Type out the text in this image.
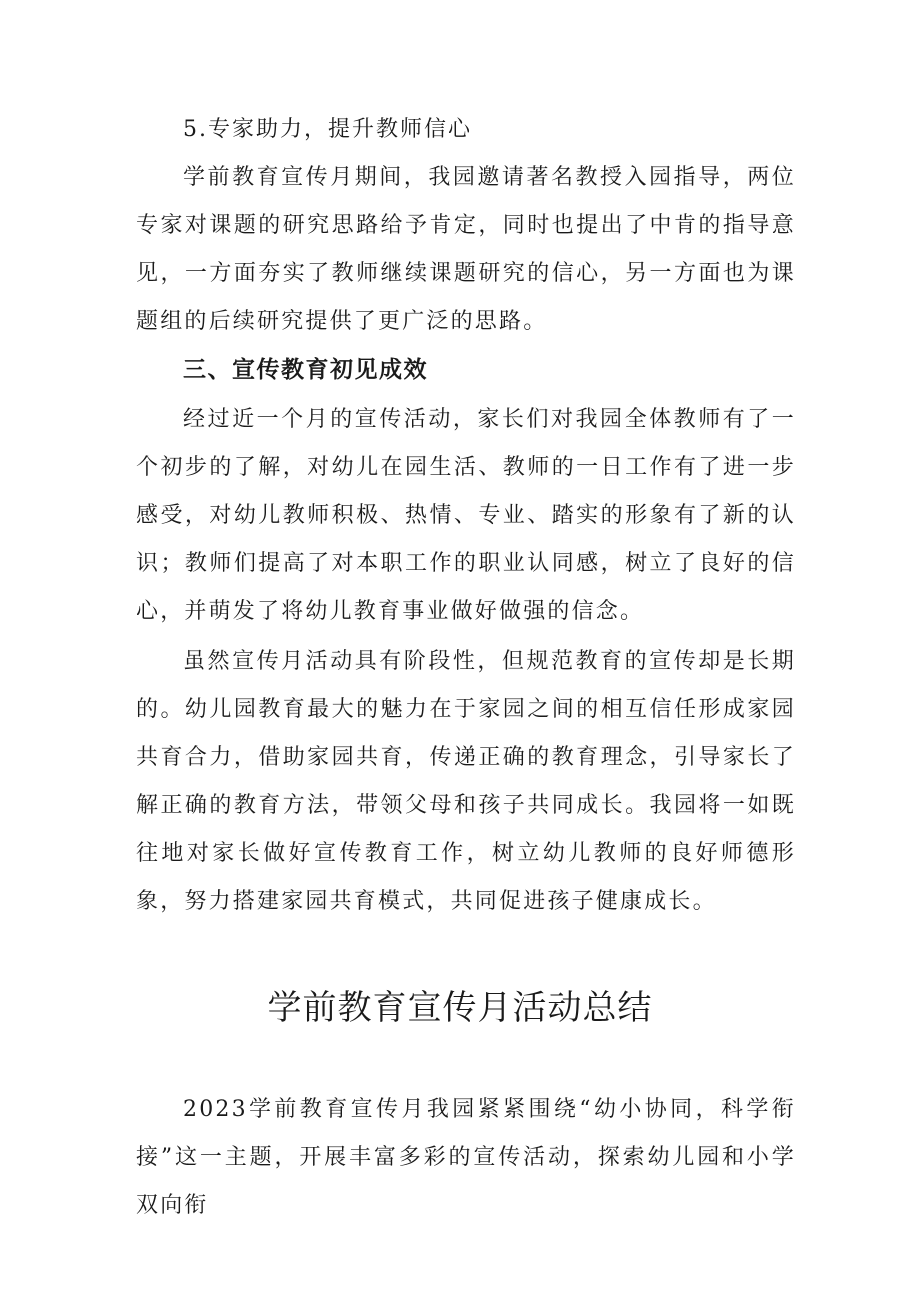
5.专家助力，提升教师信心

学前教育宣传月期间，我园邀请著名教授入园指导，两位专家对课题的研究思路给予肯定，同时也提出了中肯的指导意见，一方面夯实了教师继续课题研究的信心，另一方面也为课题组的后续研究提供了更广泛的思路。

三、宣传教育初见成效

经过近一个月的宣传活动，家长们对我园全体教师有了一个初步的了解，对幼儿在园生活、教师的一日工作有了进一步感受，对幼儿教师积极、热情、专业、踏实的形象有了新的认识；教师们提高了对本职工作的职业认同感，树立了良好的信心，并萌发了将幼儿教育事业做好做强的信念。

虽然宣传月活动具有阶段性，但规范教育的宣传却是长期的。幼儿园教育最大的魅力在于家园之间的相互信任形成家园共育合力，借助家园共育，传递正确的教育理念，引导家长了解正确的教育方法，带领父母和孩子共同成长。我园将一如既往地对家长做好宣传教育工作，树立幼儿教师的良好师德形象，努力搭建家园共育模式，共同促进孩子健康成长。

学前教育宣传月活动总结

2023学前教育宣传月我园紧紧围绕“幼小协同，科学衔接”这一主题，开展丰富多彩的宣传活动，探索幼儿园和小学双向衔
